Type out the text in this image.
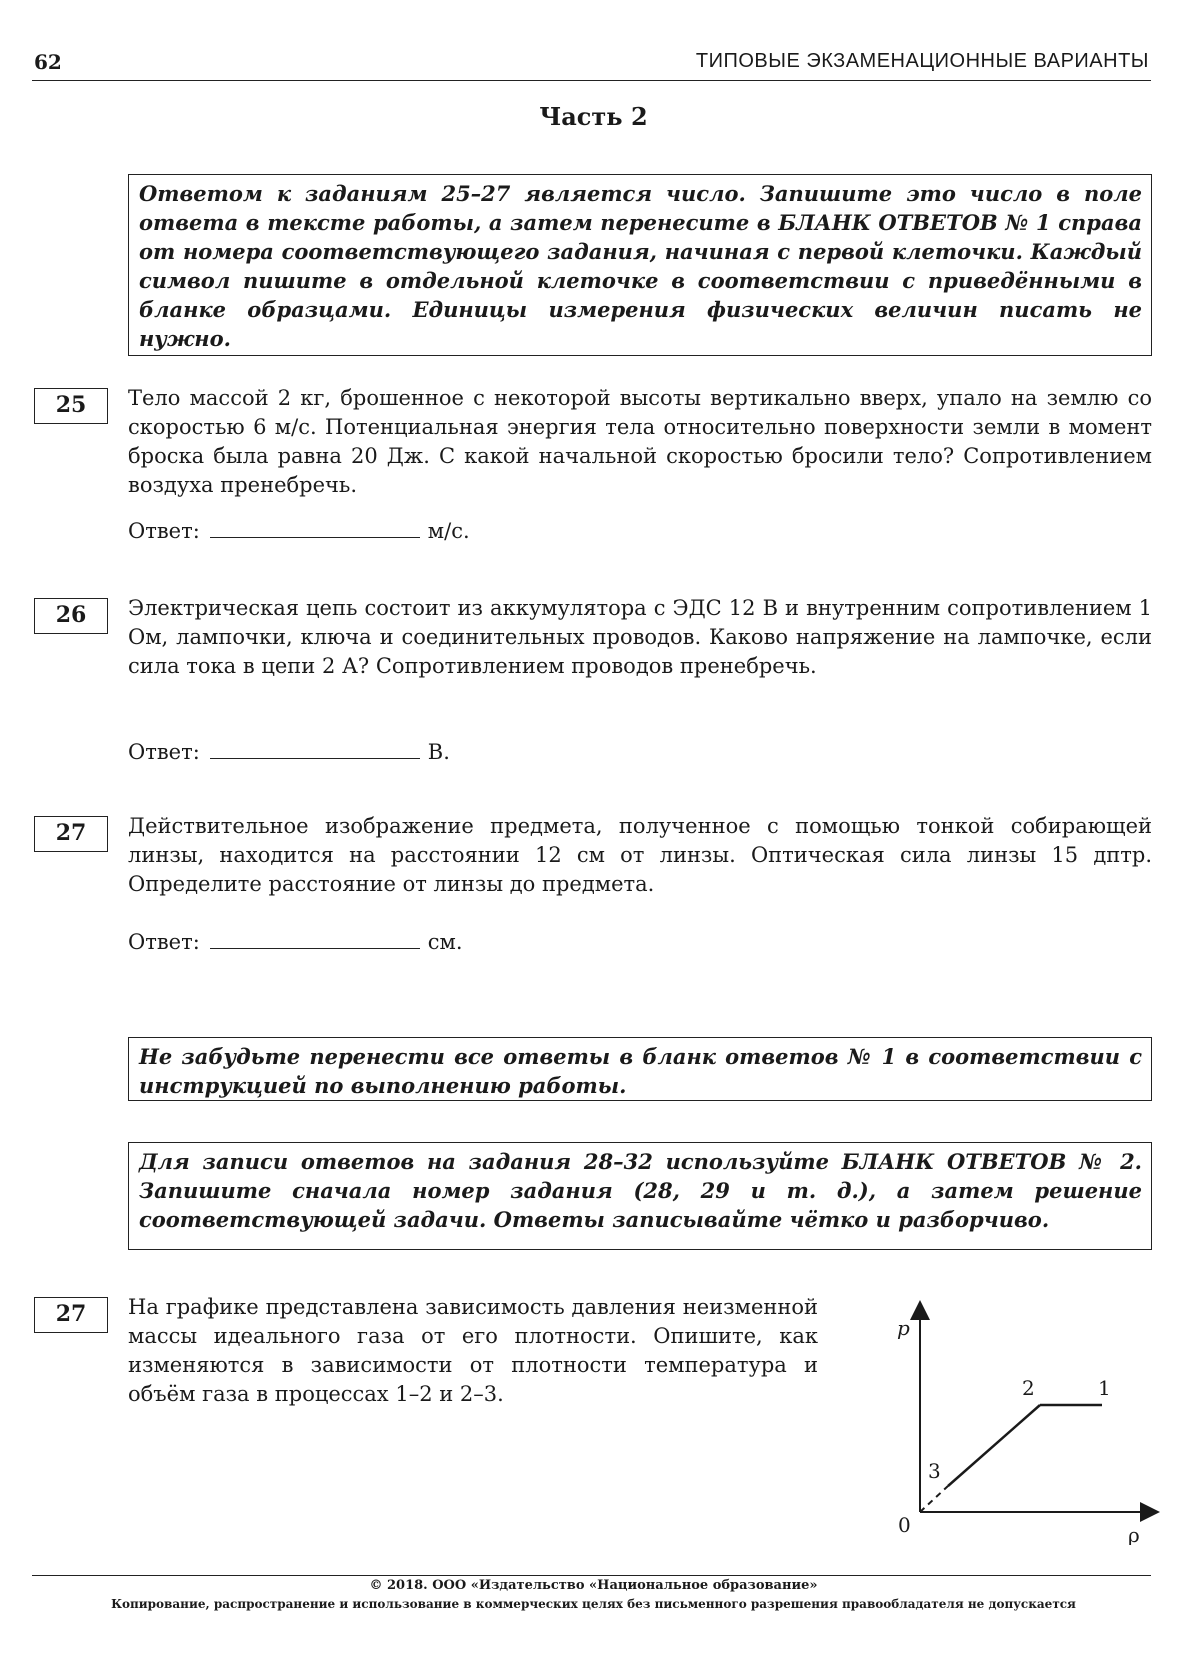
62	ТИПОВЫЕ ЭКЗАМЕНАЦИОННЫЕ ВАРИАНТЫ
Часть 2
Ответом к заданиям 25–27 является число. Запишите это число в поле ответа в тексте работы, а затем перенесите в БЛАНК ОТВЕТОВ № 1 справа от номера соответствующего задания, начиная с первой клеточки. Каждый символ пишите в отдельной клеточке в соответствии с приведёнными в бланке образцами. Единицы измерения физических величин писать не нужно.
25	Тело массой 2 кг, брошенное с некоторой высоты вертикально вверх, упало на землю со скоростью 6 м/с. Потенциальная энергия тела относительно поверхности земли в момент броска была равна 20 Дж. С какой начальной скоростью бросили тело? Сопротивлением воздуха пренебречь.
Ответ:	м/с.
26	Электрическая цепь состоит из аккумулятора с ЭДС 12 В и внутренним сопротивлением 1 Ом, лампочки, ключа и соединительных проводов. Каково напряжение на лампочке, если сила тока в цепи 2 А? Сопротивлением проводов пренебречь.
Ответ:	В.
27	Действительное изображение предмета, полученное с помощью тонкой собирающей линзы, находится на расстоянии 12 см от линзы. Оптическая сила линзы 15 дптр. Определите расстояние от линзы до предмета.
Ответ:	см.
Не забудьте перенести все ответы в бланк ответов № 1 в соответствии с инструкцией по выполнению работы.
Для записи ответов на задания 28–32 используйте БЛАНК ОТВЕТОВ № 2. Запишите сначала номер задания (28, 29 и т. д.), а затем решение соответствующей задачи. Ответы записывайте чётко и разборчиво.
27	На графике представлена зависимость давления неизменной массы идеального газа от его плотности. Опишите, как изменяются в зависимости от плотности температура и объём газа в процессах 1–2 и 2–3.
p
ρ
0
1
2
3
© 2018. ООО «Издательство «Национальное образование»
Копирование, распространение и использование в коммерческих целях без письменного разрешения правообладателя не допускается
